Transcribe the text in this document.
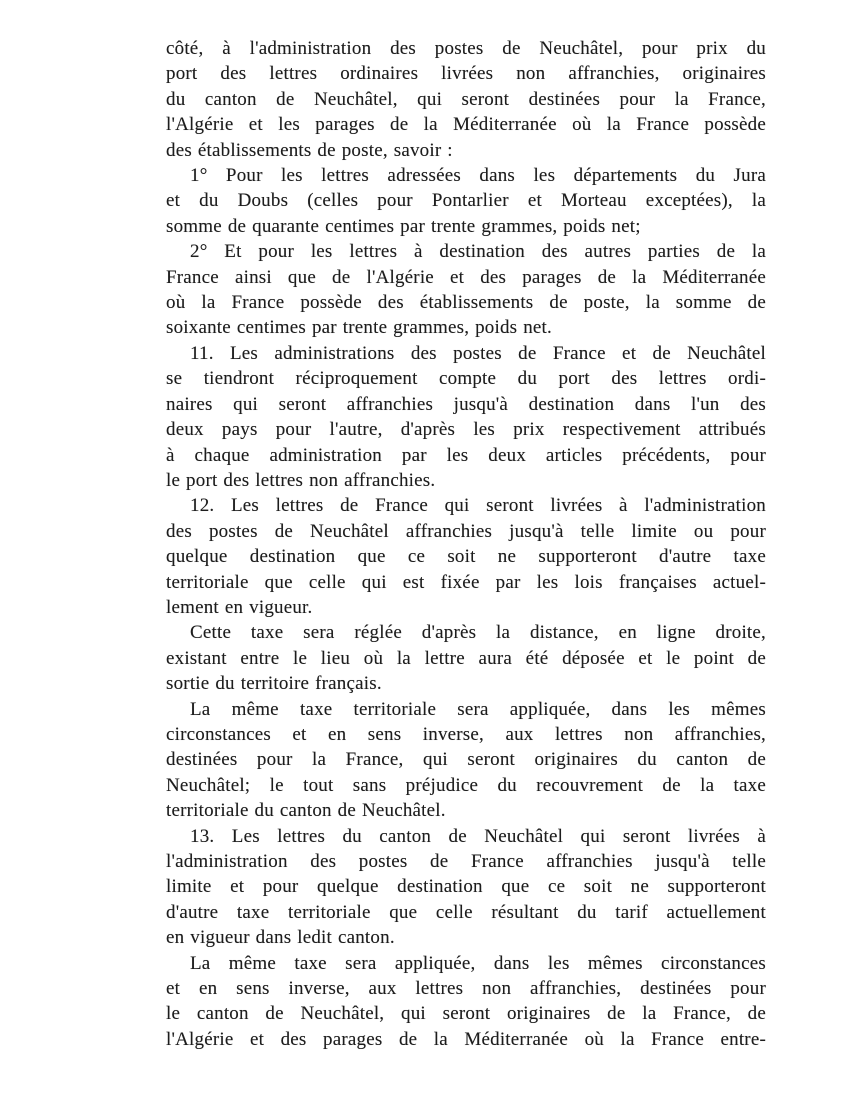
côté, à l'administration des postes de Neuchâtel, pour prix du
port des lettres ordinaires livrées non affranchies, originaires
du canton de Neuchâtel, qui seront destinées pour la France,
l'Algérie et les parages de la Méditerranée où la France possède
des établissements de poste, savoir :
1° Pour les lettres adressées dans les départements du Jura
et du Doubs (celles pour Pontarlier et Morteau exceptées), la
somme de quarante centimes par trente grammes, poids net;
2° Et pour les lettres à destination des autres parties de la
France ainsi que de l'Algérie et des parages de la Méditerranée
où la France possède des établissements de poste, la somme de
soixante centimes par trente grammes, poids net.
11. Les administrations des postes de France et de Neuchâtel
se tiendront réciproquement compte du port des lettres ordi-
naires qui seront affranchies jusqu'à destination dans l'un des
deux pays pour l'autre, d'après les prix respectivement attribués
à chaque administration par les deux articles précédents, pour
le port des lettres non affranchies.
12. Les lettres de France qui seront livrées à l'administration
des postes de Neuchâtel affranchies jusqu'à telle limite ou pour
quelque destination que ce soit ne supporteront d'autre taxe
territoriale que celle qui est fixée par les lois françaises actuel-
lement en vigueur.
Cette taxe sera réglée d'après la distance, en ligne droite,
existant entre le lieu où la lettre aura été déposée et le point de
sortie du territoire français.
La même taxe territoriale sera appliquée, dans les mêmes
circonstances et en sens inverse, aux lettres non affranchies,
destinées pour la France, qui seront originaires du canton de
Neuchâtel; le tout sans préjudice du recouvrement de la taxe
territoriale du canton de Neuchâtel.
13. Les lettres du canton de Neuchâtel qui seront livrées à
l'administration des postes de France affranchies jusqu'à telle
limite et pour quelque destination que ce soit ne supporteront
d'autre taxe territoriale que celle résultant du tarif actuellement
en vigueur dans ledit canton.
La même taxe sera appliquée, dans les mêmes circonstances
et en sens inverse, aux lettres non affranchies, destinées pour
le canton de Neuchâtel, qui seront originaires de la France, de
l'Algérie et des parages de la Méditerranée où la France entre-
